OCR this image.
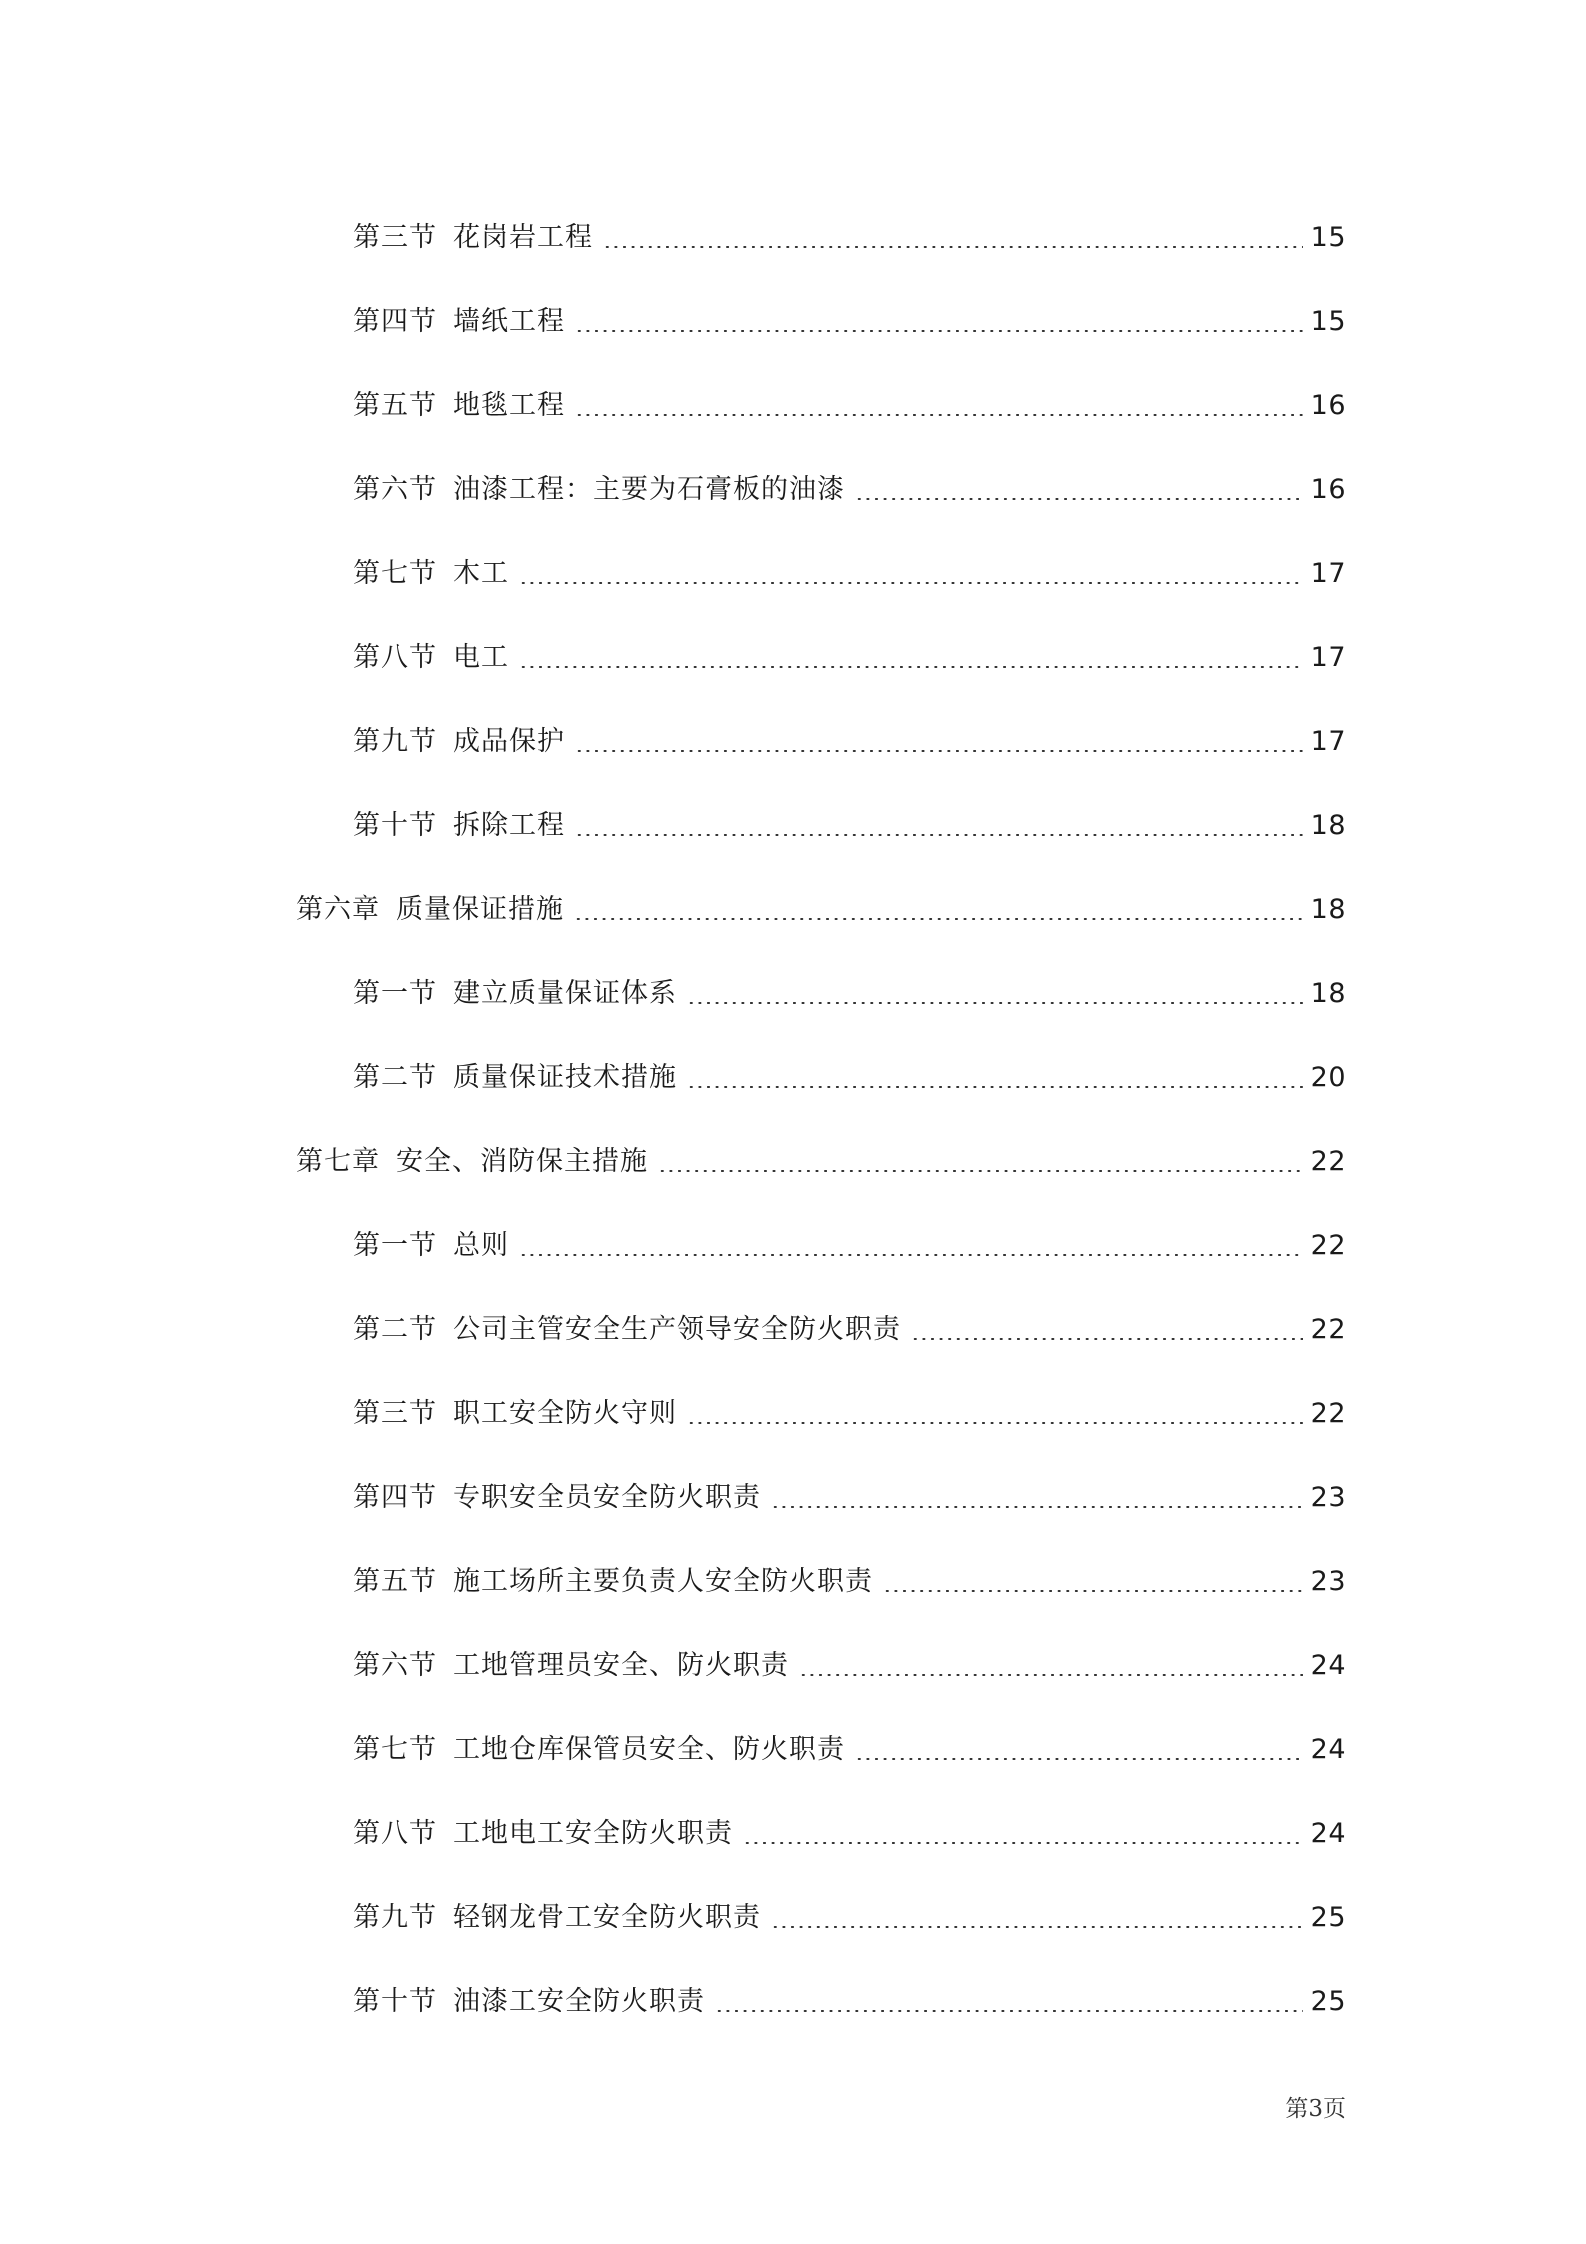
第三节 花岗岩工程	15
第四节 墙纸工程	15
第五节 地毯工程	16
第六节 油漆工程：主要为石膏板的油漆	16
第七节 木工	17
第八节 电工	17
第九节 成品保护	17
第十节 拆除工程	18
第六章 质量保证措施	18
第一节 建立质量保证体系	18
第二节 质量保证技术措施	20
第七章 安全、消防保主措施	22
第一节 总则	22
第二节 公司主管安全生产领导安全防火职责	22
第三节 职工安全防火守则	22
第四节 专职安全员安全防火职责	23
第五节 施工场所主要负责人安全防火职责	23
第六节 工地管理员安全、防火职责	24
第七节 工地仓库保管员安全、防火职责	24
第八节 工地电工安全防火职责	24
第九节 轻钢龙骨工安全防火职责	25
第十节 油漆工安全防火职责	25
第3页
